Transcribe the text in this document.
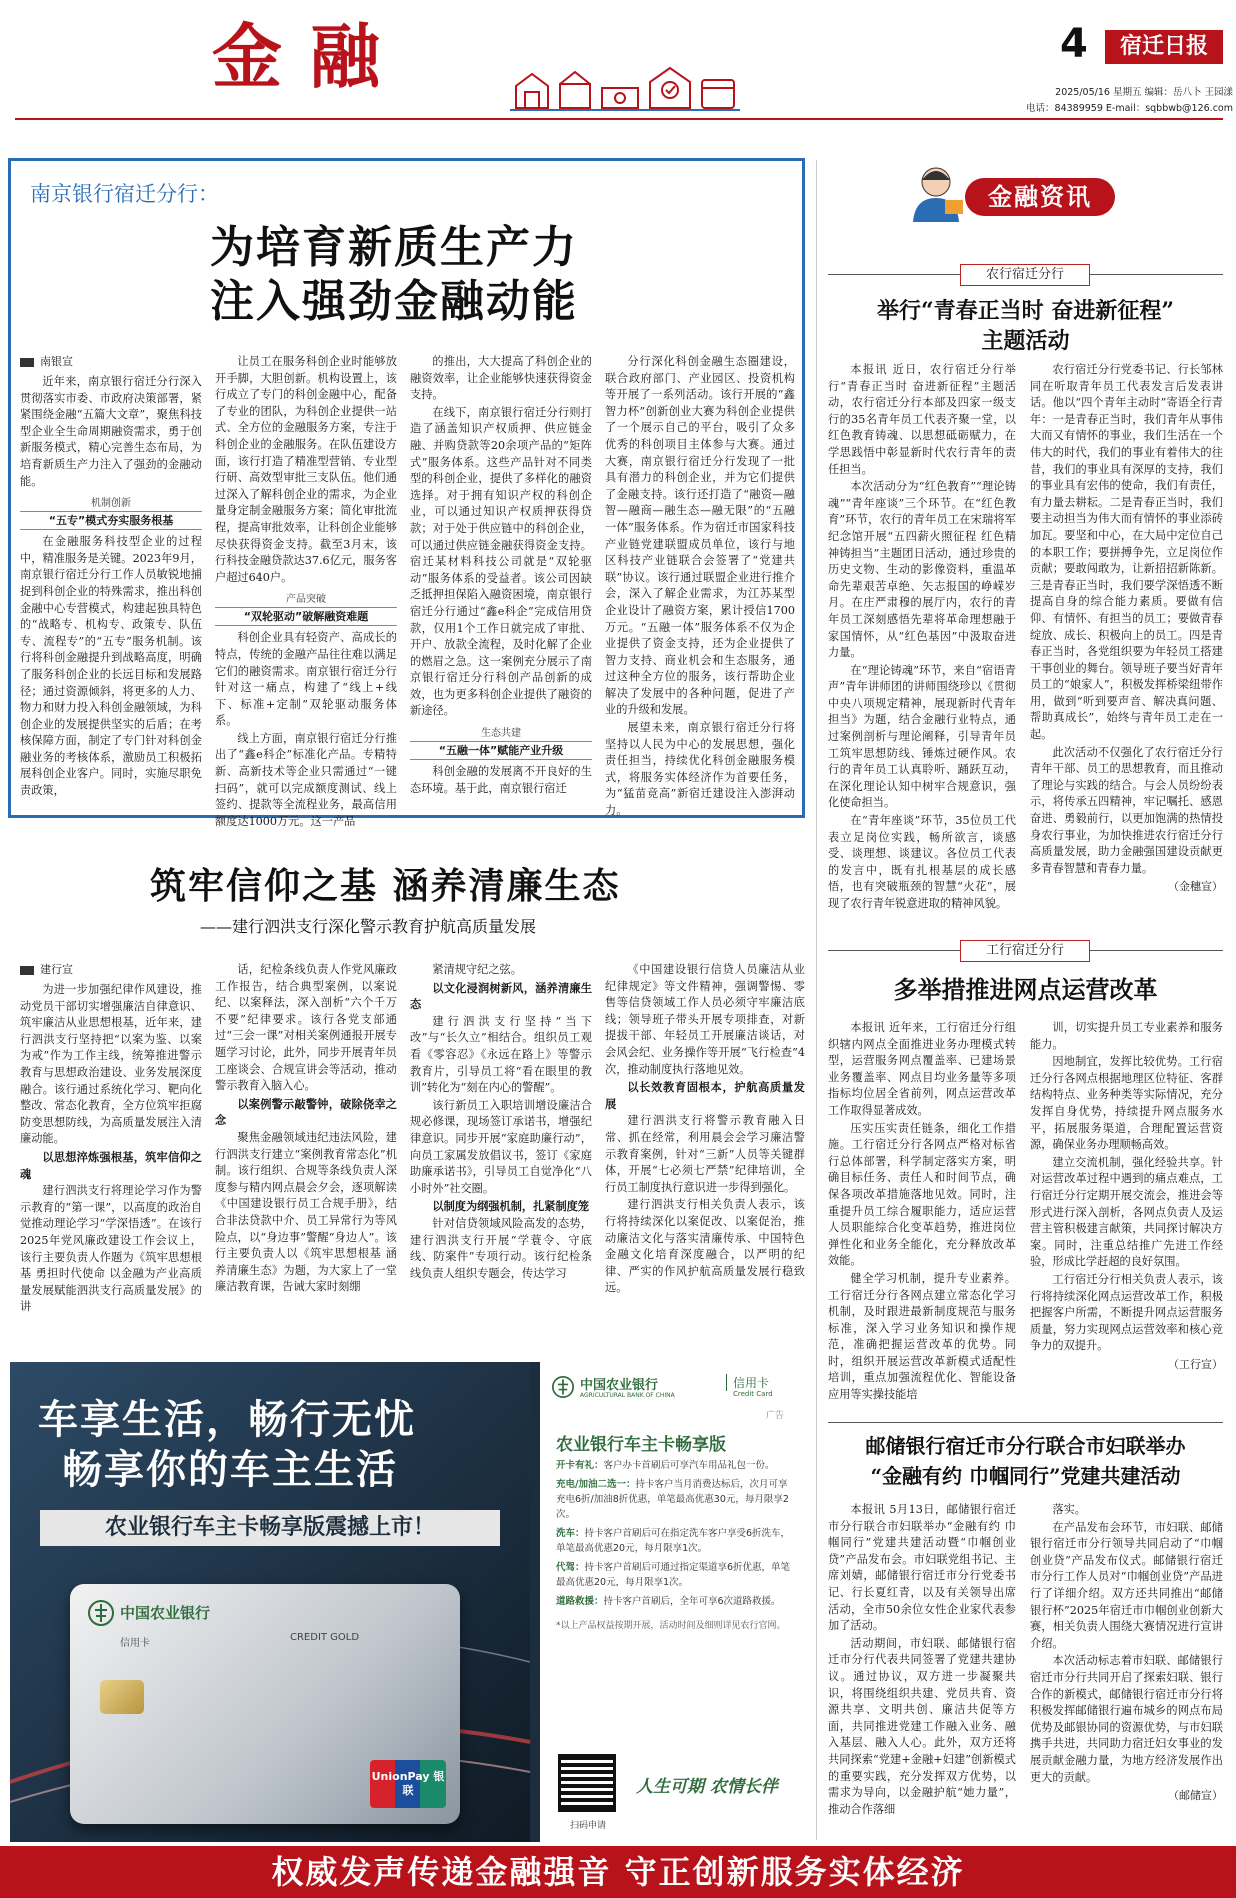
金融	4	宿迁日报
2025/05/16 星期五 编辑：岳八卜 王园漾
电话：84389959 E-mail：sqbbwb@126.com
南京银行宿迁分行：
为培育新质生产力
注入强劲金融动能
南银宣

近年来，南京银行宿迁分行深入贯彻落实市委、市政府决策部署，紧紧围绕金融“五篇大文章”，聚焦科技型企业全生命周期融资需求，勇于创新服务模式，精心完善生态布局，为培育新质生产力注入了强劲的金融动能。

机制创新
“五专”模式夯实服务根基

在金融服务科技型企业的过程中，精准服务是关键。2023年9月，南京银行宿迁分行工作人员敏锐地捕捉到科创企业的特殊需求，推出科创金融中心专营模式，构建起独具特色的“战略专、机构专、政策专、队伍专、流程专”的“五专”服务机制。该行将科创金融提升到战略高度，明确了服务科创企业的长远目标和发展路径；通过资源倾斜，将更多的人力、物力和财力投入科创金融领域，为科创企业的发展提供坚实的后盾；在考核保障方面，制定了专门针对科创金融业务的考核体系，激励员工积极拓展科创企业客户。同时，实施尽职免责政策，

让员工在服务科创企业时能够放开手脚，大胆创新。机构设置上，该行成立了专门的科创金融中心，配备了专业的团队，为科创企业提供一站式、全方位的金融服务方案，专注于科创企业的金融服务。在队伍建设方面，该行打造了精准型营销、专业型行研、高效型审批三支队伍。他们通过深入了解科创企业的需求，为企业量身定制金融服务方案；简化审批流程，提高审批效率，让科创企业能够尽快获得资金支持。截至3月末，该行科技金融贷款达37.6亿元，服务客户超过640户。

产品突破
“双轮驱动”破解融资难题

科创企业具有轻资产、高成长的特点，传统的金融产品往往难以满足它们的融资需求。南京银行宿迁分行针对这一痛点，构建了“线上+线下、标准+定制”双轮驱动服务体系。

线上方面，南京银行宿迁分行推出了“鑫e科企”标准化产品。专精特新、高新技术等企业只需通过“一键扫码”，就可以完成额度测试、线上签约、提款等全流程业务，最高信用额度达1000万元。这一产品

的推出，大大提高了科创企业的融资效率，让企业能够快速获得资金支持。

在线下，南京银行宿迁分行则打造了涵盖知识产权质押、供应链金融、并购贷款等20余项产品的“矩阵式”服务体系。这些产品针对不同类型的科创企业，提供了多样化的融资选择。对于拥有知识产权的科创企业，可以通过知识产权质押获得贷款；对于处于供应链中的科创企业，可以通过供应链金融获得资金支持。宿迁某材料科技公司就是“双轮驱动”服务体系的受益者。该公司因缺乏抵押担保陷入融资困境，南京银行宿迁分行通过“鑫e科企”完成信用贷款，仅用1个工作日就完成了审批、开户、放款全流程，及时化解了企业的燃眉之急。这一案例充分展示了南京银行宿迁分行科创产品创新的成效，也为更多科创企业提供了融资的新途径。

生态共建
“五融一体”赋能产业升级

科创金融的发展离不开良好的生态环境。基于此，南京银行宿迁

分行深化科创金融生态圈建设，联合政府部门、产业园区、投资机构等开展了一系列活动。该行开展的“鑫智力杯”创新创业大赛为科创企业提供了一个展示自己的平台，吸引了众多优秀的科创项目主体参与大赛。通过大赛，南京银行宿迁分行发现了一批具有潜力的科创企业，并为它们提供了金融支持。该行还打造了“融资—融智—融商—融生态—融无限”的“五融一体”服务体系。作为宿迁市国家科技产业链党建联盟成员单位，该行与地区科技产业链联合会签署了“党建共联”协议。该行通过联盟企业进行推介会，深入了解企业需求，为江苏某型企业设计了融资方案，累计授信1700万元。“五融一体”服务体系不仅为企业提供了资金支持，还为企业提供了智力支持、商业机会和生态服务，通过这种全方位的服务，该行帮助企业解决了发展中的各种问题，促进了产业的升级和发展。

展望未来，南京银行宿迁分行将坚持以人民为中心的发展思想，强化责任担当，持续优化科创金融服务模式，将服务实体经济作为首要任务，为“猛苗竞高”新宿迁建设注入澎湃动力。

金融资讯
农行宿迁分行
举行“青春正当时 奋进新征程”
主题活动

本报讯 近日，农行宿迁分行举行“青春正当时 奋进新征程”主题活动，农行宿迁分行本部及四家一级支行的35名青年员工代表齐聚一堂，以红色教育铸魂、以思想砥砺赋力，在学思践悟中彰显新时代农行青年的责任担当。

本次活动分为“红色教育”“理论铸魂”“青年座谈”三个环节。在“红色教育”环节，农行的青年员工在宋瑞将军纪念馆开展“五四薪火照征程 红色精神铸担当”主题团日活动，通过珍贵的历史文物、生动的影像资料，重温革命先辈艰苦卓绝、矢志报国的峥嵘岁月。在庄严肃穆的展厅内，农行的青年员工深刻感悟先辈将革命理想融于家国情怀，从“红色基因”中汲取奋进力量。

在“理论铸魂”环节，来自“宿语青声”青年讲师团的讲师围绕珍以《贯彻中央八项规定精神，展现新时代青年担当》为题，结合金融行业特点，通过案例剖析与理论阐释，引导青年员工筑牢思想防线、锤炼过硬作风。农行的青年员工认真聆听、踊跃互动，在深化理论认知中树牢合规意识，强化使命担当。

在“青年座谈”环节，35位员工代表立足岗位实践，畅所欲言，谈感受、谈理想、谈建议。各位员工代表的发言中，既有扎根基层的成长感悟，也有突破瓶颈的智慧“火花”，展现了农行青年锐意进取的精神风貌。

农行宿迁分行党委书记、行长邹林同在听取青年员工代表发言后发表讲话。他以“四个青年主动时”寄语全行青年：一是青春正当时，我们青年从事伟大而又有情怀的事业，我们生活在一个伟大的时代，我们的事业有着伟大的往昔，我们的事业具有深厚的支持，我们的事业具有宏伟的使命，我们有责任，有力量去耕耘。二是青春正当时，我们要主动担当为伟大而有情怀的事业添砖加瓦。要坚和中心，在大局中定位自己的本职工作；要拼搏争先，立足岗位作贡献；要敢闯敢为，让新招招新陈新。三是青春正当时，我们要学深悟透不断提高自身的综合能力素质。要做有信仰、有情怀、有担当的员工；要做青春绽放、成长、积极向上的员工。四是青春正当时，各党组织要为年轻员工搭建干事创业的舞台。领导班子要当好青年员工的“娘家人”，积极发挥桥梁纽带作用，做到“听到要声音、解决真问题、帮助真成长”，始终与青年员工走在一起。

此次活动不仅强化了农行宿迁分行青年干部、员工的思想教育，而且推动了理论与实践的结合。与会人员纷纷表示，将传承五四精神，牢记嘱托、感恩奋进、勇毅前行，以更加饱满的热情投身农行事业，为加快推进农行宿迁分行高质量发展，助力金融强国建设贡献更多青春智慧和青春力量。

（金穗宣）
工行宿迁分行
多举措推进网点运营改革

本报讯 近年来，工行宿迁分行组织辖内网点全面推进业务办理模式转型，运营服务网点覆盖率、已建场景业务覆盖率、网点目均业务量等多项指标均位居全省前列，网点运营改革工作取得显著成效。

压实压实责任链条，细化工作措施。工行宿迁分行各网点严格对标省行总体部署，科学制定落实方案，明确目标任务、责任人和时间节点，确保各项改革措施落地见效。同时，注重提升员工综合履职能力，适应运营人员职能综合化变革趋势，推进岗位弹性化和业务全能化，充分释放改革效能。

健全学习机制，提升专业素养。工行宿迁分行各网点建立常态化学习机制，及时跟进最新制度规范与服务标准，深入学习业务知识和操作规范，准确把握运营改革的优势。同时，组织开展运营改革新模式适配性培训，重点加强流程优化、智能设备应用等实操技能培

训，切实提升员工专业素养和服务能力。

因地制宜，发挥比较优势。工行宿迁分行各网点根据地理区位特征、客群结构特点、业务种类等实际情况，充分发挥自身优势，持续提升网点服务水平，拓展服务渠道，合理配置运营资源，确保业务办理顺畅高效。

建立交流机制，强化经验共享。针对运营改革过程中遇到的痛点难点，工行宿迁分行定期开展交流会，推进会等形式进行深入剖析，各网点负责人及运营主管积极建言献策，共同探讨解决方案。同时，注重总结推广先进工作经验，形成比学赶超的良好氛围。

工行宿迁分行相关负责人表示，该行将持续深化网点运营改革工作，积极把握客户所需，不断提升网点运营服务质量，努力实现网点运营效率和核心竞争力的双提升。

（工行宣）
邮储银行宿迁市分行联合市妇联举办
“金融有约 巾帼同行”党建共建活动

本报讯 5月13日，邮储银行宿迁市分行联合市妇联举办“金融有约 巾帼同行”党建共建活动暨“巾帼创业贷”产品发布会。市妇联党组书记、主席刘婧，邮储银行宿迁市分行党委书记、行长夏红青，以及有关领导出席活动，全市50余位女性企业家代表参加了活动。

活动期间，市妇联、邮储银行宿迁市分行代表共同签署了党建共建协议。通过协议，双方进一步凝聚共识，将围绕组织共建、党员共育、资源共享、文明共创、廉洁共促等方面，共同推进党建工作融入业务、融入基层、融入人心。此外，双方还将共同探索“党建+金融+妇建”创新模式的重要实践，充分发挥双方优势，以需求为导向，以金融护航“她力量”，推动合作落细

落实。

在产品发布会环节，市妇联、邮储银行宿迁市分行领导共同启动了“巾帼创业贷”产品发布仪式。邮储银行宿迁市分行工作人员对“巾帼创业贷”产品进行了详细介绍。双方还共同推出“邮储银行杯”2025年宿迁市巾帼创业创新大赛，相关负责人围绕大赛情况进行宣讲介绍。

本次活动标志着市妇联、邮储银行宿迁市分行共同开启了探索妇联、银行合作的新模式，邮储银行宿迁市分行将积极发挥邮储银行遍布城乡的网点布局优势及邮银协同的资源优势，与市妇联携手共进，共同助力宿迁妇女事业的发展贡献金融力量，为地方经济发展作出更大的贡献。

（邮储宣）
筑牢信仰之基 涵养清廉生态
——建行泗洪支行深化警示教育护航高质量发展
建行宣

为进一步加强纪律作风建设，推动党员干部切实增强廉洁自律意识、筑牢廉洁从业思想根基，近年来，建行泗洪支行坚持把“以案为鉴、以案为戒”作为工作主线，统筹推进警示教育与思想政治建设、业务发展深度融合。该行通过系统化学习、靶向化整改、常态化教育，全方位筑牢拒腐防变思想防线，为高质量发展注入清廉动能。

以思想淬炼强根基，筑牢信仰之魂

建行泗洪支行将理论学习作为警示教育的“第一课”，以高度的政治自觉推动理论学习“学深悟透”。在该行2025年党风廉政建设工作会议上，该行主要负责人作题为《筑牢思想根基 勇担时代使命 以金融为产业高质量发展赋能泗洪支行高质量发展》的讲

话，纪检条线负责人作党风廉政工作报告，结合典型案例，以案说纪、以案释法，深入剖析“六个千万不要”纪律要求。该行各党支部通过“三会一课”对相关案例通报开展专题学习讨论，此外，同步开展青年员工座谈会、合规宣讲会等活动，推动警示教育入脑入心。

以案例警示敲警钟，破除侥幸之念

聚焦金融领域违纪违法风险，建行泗洪支行建立“案例教育常态化”机制。该行组织、合规等条线负责人深度参与精内网点晨会夕会，逐项解读《中国建设银行员工合规手册》，结合非法贷款中介、员工异常行为等风险点，以“身边事”警醒“身边人”。该行主要负责人以《筑牢思想根基 涵养清廉生态》为题，为大家上了一堂廉洁教育课，告诫大家时刻绷

紧清规守纪之弦。

以文化浸润树新风，涵养清廉生态

建行泗洪支行坚持“当下改”与“长久立”相结合。组织员工观看《零容忍》《永远在路上》等警示教育片，引导员工将“看在眼里的教训”转化为“刻在内心的警醒”。

该行新员工入职培训增设廉洁合规必修课，现场签订承诺书，增强纪律意识。同步开展“家庭助廉行动”，向员工家属发放倡议书，签订《家庭助廉承诺书》，引导员工自觉净化“八小时外”社交圈。

以制度为纲强机制，扎紧制度笼

针对信贷领域风险高发的态势，建行泗洪支行开展“学蓑令、守底线、防案件”专项行动。该行纪检条线负责人组织专题会，传达学习

《中国建设银行信贷人员廉洁从业纪律规定》等文件精神，强调警惕、零售等信贷领域工作人员必须守牢廉洁底线；领导班子带头开展专项排查，对新提拔干部、年轻员工开展廉洁谈话，对会风会纪、业务操作等开展“飞行检查”4次，推动制度执行落地见效。

以长效教育固根本，护航高质量发展

建行泗洪支行将警示教育融入日常、抓在经常，利用晨会会学习廉洁警示教育案例，针对“三新”人员等关键群体，开展“七必须七严禁”纪律培训，全行员工制度执行意识进一步得到强化。

建行泗洪支行相关负责人表示，该行将持续深化以案促改、以案促治，推动廉洁文化与落实清廉传承、中国特色金融文化培育深度融合，以严明的纪律、严实的作风护航高质量发展行稳致远。

车享生活，畅行无忧
畅享你的车主生活
农业银行车主卡畅享版震撼上市！
中国农业银行
CREDIT GOLD
信用卡
UnionPay 银联
中国农业银行
AGRICULTURAL BANK OF CHINA
信用卡
Credit Card
广告
农业银行车主卡畅享版
开卡有礼：客户办卡首刷后可享汽车用品礼包一份。
充电/加油二选一：持卡客户当月消费达标后，次月可享充电6折/加油8折优惠，单笔最高优惠30元，每月限享2次。
洗车：持卡客户首刷后可在指定洗车客户享受6折洗车，单笔最高优惠20元，每月限享1次。
代驾：持卡客户首刷后可通过指定渠道享6折优惠，单笔最高优惠20元，每月限享1次。
道路救援：持卡客户首刷后，全年可享6次道路救援。
*以上产品权益按期开展，活动时间及细则详见农行官网。
扫码申请
人生可期 农情长伴
权威发声传递金融强音 守正创新服务实体经济
